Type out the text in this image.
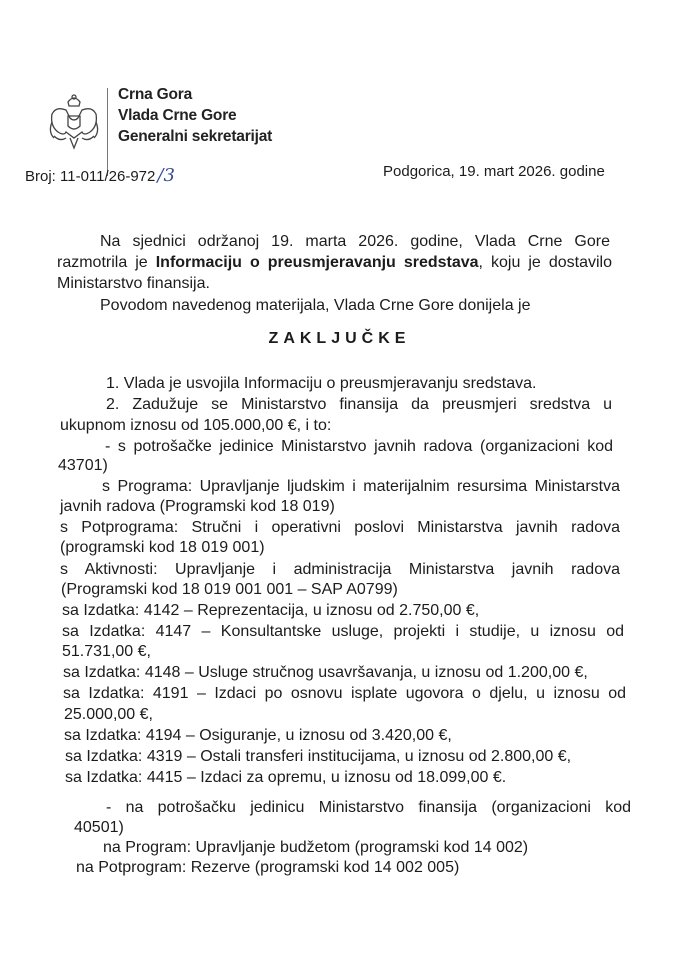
Crna Gora
Vlada Crne Gore
Generalni sekretarijat
Broj: 11-011/26-972 /3	Podgorica, 19. mart 2026. godine
Na sjednici održanoj 19. marta 2026. godine, Vlada Crne Gore
razmotrila je Informaciju o preusmjeravanju sredstava, koju je dostavilo
Ministarstvo finansija.
Povodom navedenog materijala, Vlada Crne Gore donijela je
ZAKLJUČKE
1. Vlada je usvojila Informaciju o preusmjeravanju sredstava.
2. Zadužuje se Ministarstvo finansija da preusmjeri sredstva u
ukupnom iznosu od 105.000,00 €, i to:
- s potrošačke jedinice Ministarstvo javnih radova (organizacioni kod
43701)
s Programa: Upravljanje ljudskim i materijalnim resursima Ministarstva
javnih radova (Programski kod 18 019)
s Potprograma: Stručni i operativni poslovi Ministarstva javnih radova
(programski kod 18 019 001)
s Aktivnosti: Upravljanje i administracija Ministarstva javnih radova
(Programski kod 18 019 001 001 – SAP A0799)
sa Izdatka: 4142 – Reprezentacija, u iznosu od 2.750,00 €,
sa Izdatka: 4147 – Konsultantske usluge, projekti i studije, u iznosu od
51.731,00 €,
sa Izdatka: 4148 – Usluge stručnog usavršavanja, u iznosu od 1.200,00 €,
sa Izdatka: 4191 – Izdaci po osnovu isplate ugovora o djelu, u iznosu od
25.000,00 €,
sa Izdatka: 4194 – Osiguranje, u iznosu od 3.420,00 €,
sa Izdatka: 4319 – Ostali transferi institucijama, u iznosu od 2.800,00 €,
sa Izdatka: 4415 – Izdaci za opremu, u iznosu od 18.099,00 €.
- na potrošačku jedinicu Ministarstvo finansija (organizacioni kod
40501)
na Program: Upravljanje budžetom (programski kod 14 002)
na Potprogram: Rezerve (programski kod 14 002 005)
